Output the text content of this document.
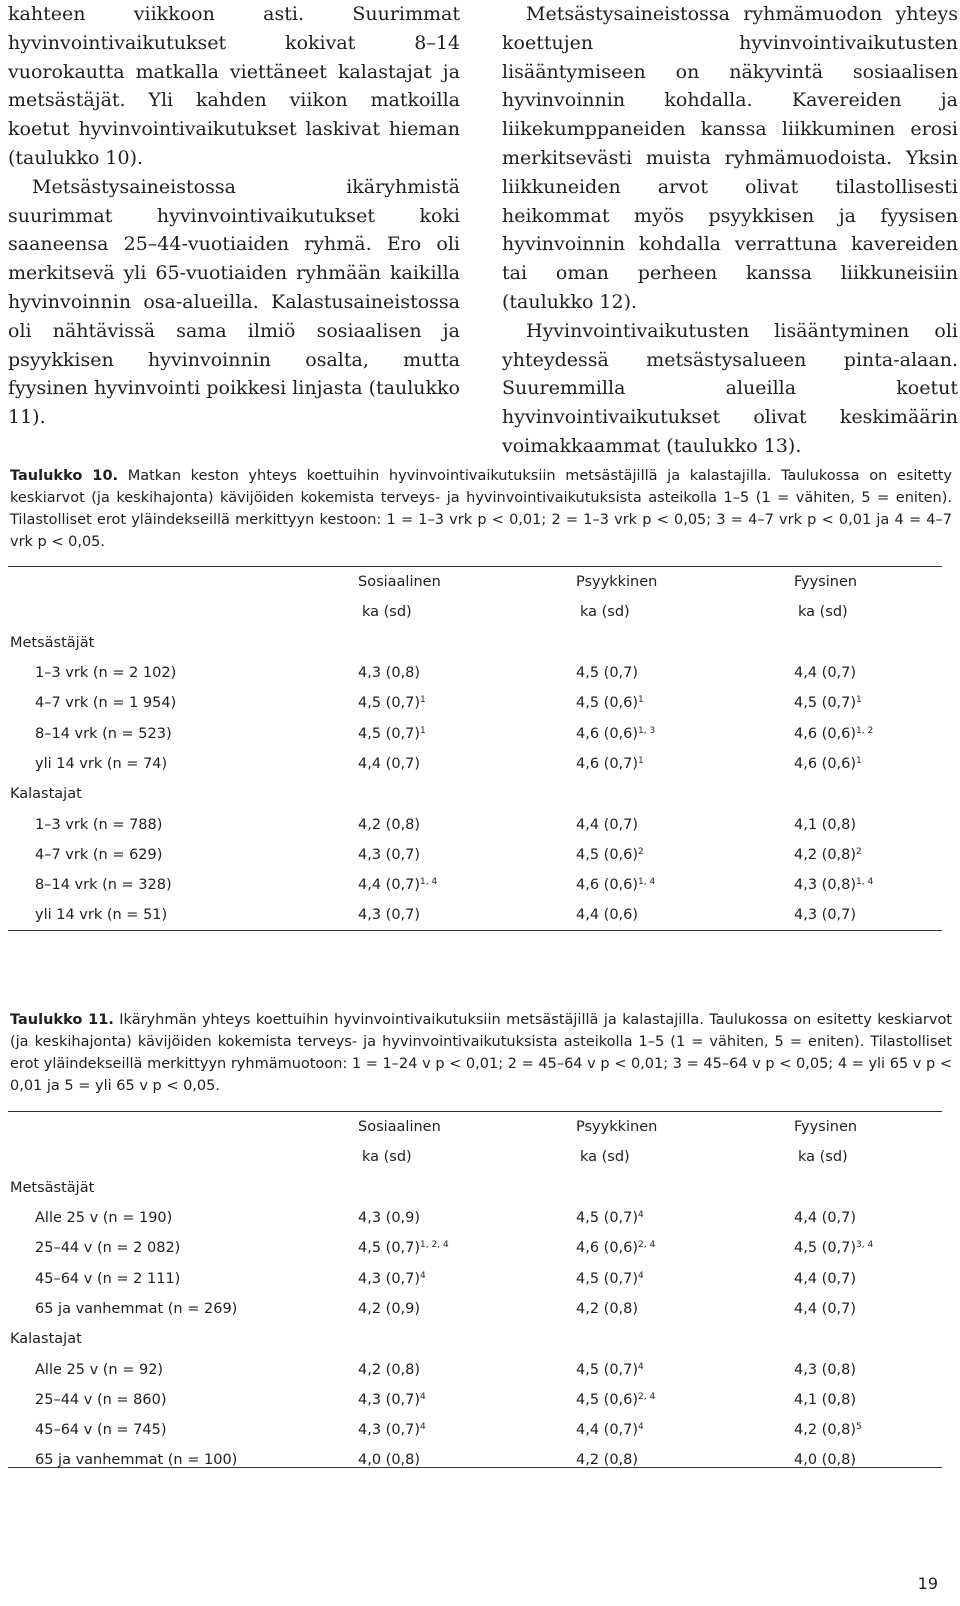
kahteen viikkoon asti. Suurimmat hyvinvointivaikutukset kokivat 8–14 vuorokautta matkalla viettäneet kalastajat ja metsästäjät. Yli kahden viikon matkoilla koetut hyvinvointivaikutukset laskivat hieman (taulukko 10).

Metsästysaineistossa ikäryhmistä suurimmat hyvinvointivaikutukset koki saaneensa 25–44-vuotiaiden ryhmä. Ero oli merkitsevä yli 65-vuotiaiden ryhmään kaikilla hyvinvoinnin osa-alueilla. Kalastusaineistossa oli nähtävissä sama ilmiö sosiaalisen ja psyykkisen hyvinvoinnin osalta, mutta fyysinen hyvinvointi poikkesi linjasta (taulukko 11).

Metsästysaineistossa ryhmämuodon yhteys koettujen hyvinvointivaikutusten lisääntymiseen on näkyvintä sosiaalisen hyvinvoinnin kohdalla. Kavereiden ja liikekumppaneiden kanssa liikkuminen erosi merkitsevästi muista ryhmämuodoista. Yksin liikkuneiden arvot olivat tilastollisesti heikommat myös psyykkisen ja fyysisen hyvinvoinnin kohdalla verrattuna kavereiden tai oman perheen kanssa liikkuneisiin (taulukko 12).

Hyvinvointivaikutusten lisääntyminen oli yhteydessä metsästysalueen pinta-alaan. Suuremmilla alueilla koetut hyvinvointivaikutukset olivat keskimäärin voimakkaammat (taulukko 13).

Taulukko 10. Matkan keston yhteys koettuihin hyvinvointivaikutuksiin metsästäjillä ja kalastajilla. Taulukossa on esitetty keskiarvot (ja keskihajonta) kävijöiden kokemista terveys- ja hyvinvointivaikutuksista asteikolla 1–5 (1 = vähiten, 5 = eniten). Tilastolliset erot yläindekseillä merkittyyn kestoon: 1 = 1–3 vrk p < 0,01; 2 = 1–3 vrk p < 0,05; 3 = 4–7 vrk p < 0,01 ja 4 = 4–7 vrk p < 0,05.
	Sosiaalinen	Psyykkinen	Fyysinen
	ka (sd)	ka (sd)	ka (sd)
Metsästäjät			
1–3 vrk (n = 2 102)	4,3 (0,8)	4,5 (0,7)	4,4 (0,7)
4–7 vrk (n = 1 954)	4,5 $(0,7)^1$	4,5 $(0,6)^1$	4,5 $(0,7)^1$
8–14 vrk (n = 523)	4,5 $(0,7)^1$	4,6 $(0,6)^{1, 3}$	4,6 $(0,6)^{1, 2}$
yli 14 vrk (n = 74)	4,4 (0,7)	4,6 $(0,7)^1$	4,6 $(0,6)^1$
Kalastajat			
1–3 vrk (n = 788)	4,2 (0,8)	4,4 (0,7)	4,1 (0,8)
4–7 vrk (n = 629)	4,3 (0,7)	4,5 $(0,6)^2$	4,2 $(0,8)^2$
8–14 vrk (n = 328)	4,4 $(0,7)^{1, 4}$	4,6 $(0,6)^{1, 4}$	4,3 $(0,8)^{1, 4}$
yli 14 vrk (n = 51)	4,3 (0,7)	4,4 (0,6)	4,3 (0,7)
Taulukko 11. Ikäryhmän yhteys koettuihin hyvinvointivaikutuksiin metsästäjillä ja kalastajilla. Taulukossa on esitetty keskiarvot (ja keskihajonta) kävijöiden kokemista terveys- ja hyvinvointivaikutuksista asteikolla 1–5 (1 = vähiten, 5 = eniten). Tilastolliset erot yläindekseillä merkittyyn ryhmämuotoon: 1 = 1–24 v p < 0,01; 2 = 45–64 v p < 0,01; 3 = 45–64 v p < 0,05; 4 = yli 65 v p < 0,01 ja 5 = yli 65 v p < 0,05.
	Sosiaalinen	Psyykkinen	Fyysinen
	ka (sd)	ka (sd)	ka (sd)
Metsästäjät			
Alle 25 v (n = 190)	4,3 (0,9)	4,5 $(0,7)^4$	4,4 (0,7)
25–44 v (n = 2 082)	4,5 $(0,7)^{1, 2, 4}$	4,6 $(0,6)^{2, 4}$	4,5 $(0,7)^{3, 4}$
45–64 v (n = 2 111)	4,3 $(0,7)^4$	4,5 $(0,7)^4$	4,4 (0,7)
65 ja vanhemmat (n = 269)	4,2 (0,9)	4,2 (0,8)	4,4 (0,7)
Kalastajat			
Alle 25 v (n = 92)	4,2 (0,8)	4,5 $(0,7)^4$	4,3 (0,8)
25–44 v (n = 860)	4,3 $(0,7)^4$	4,5 $(0,6)^{2, 4}$	4,1 (0,8)
45–64 v (n = 745)	4,3 $(0,7)^4$	4,4 $(0,7)^4$	4,2 $(0,8)^5$
65 ja vanhemmat (n = 100)	4,0 (0,8)	4,2 (0,8)	4,0 (0,8)
19
